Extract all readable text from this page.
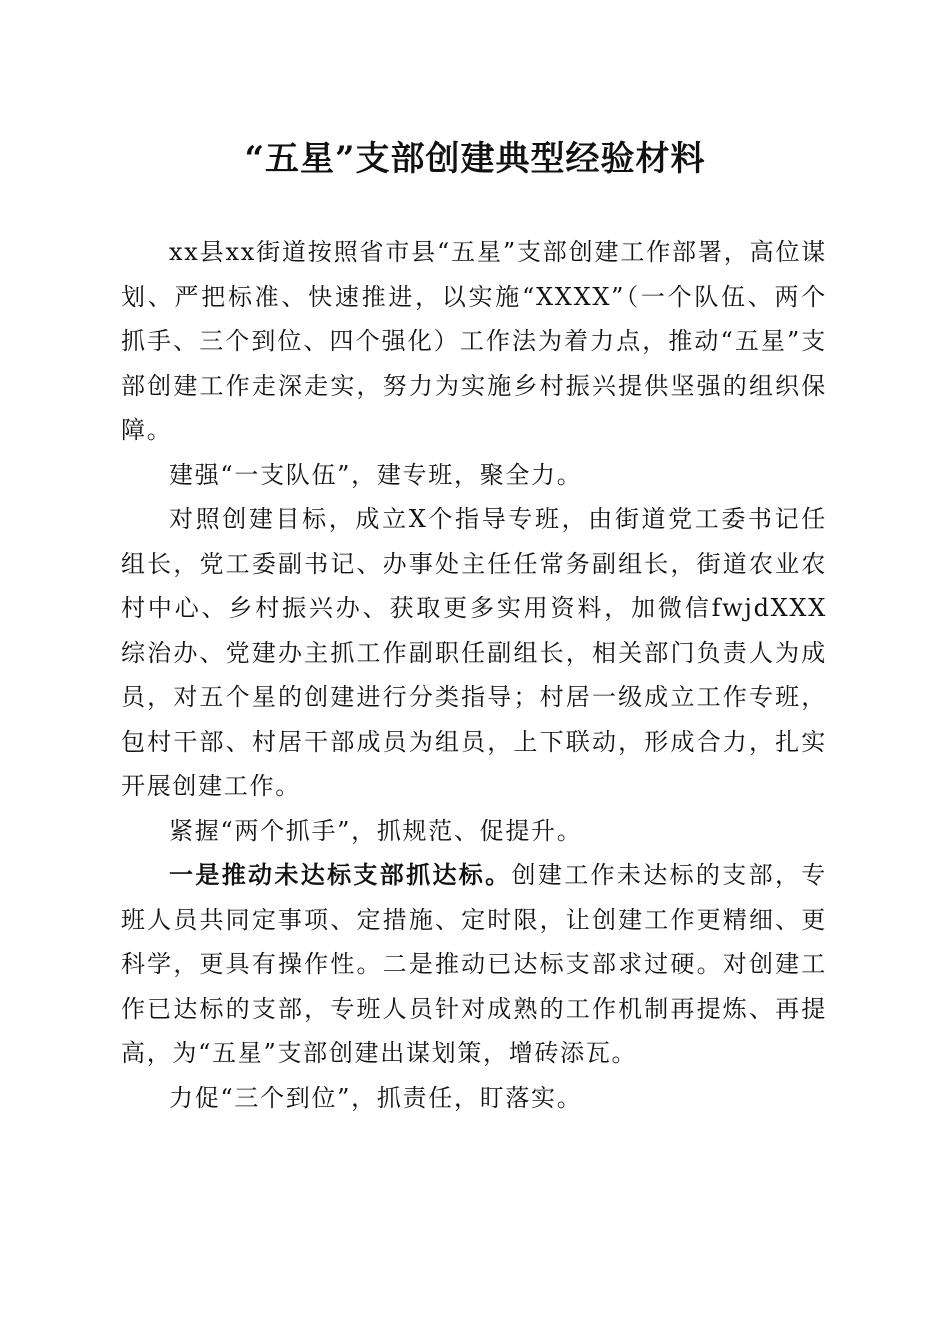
“五星”支部创建典型经验材料

xx县xx街道按照省市县“五星”支部创建工作部署，高位谋划、严把标准、快速推进，以实施“XXXX”（一个队伍、两个抓手、三个到位、四个强化）工作法为着力点，推动“五星”支部创建工作走深走实，努力为实施乡村振兴提供坚强的组织保障。

建强“一支队伍”，建专班，聚全力。

对照创建目标，成立X个指导专班，由街道党工委书记任组长，党工委副书记、办事处主任任常务副组长，街道农业农村中心、乡村振兴办、获取更多实用资料，加微信fwjdXXX综治办、党建办主抓工作副职任副组长，相关部门负责人为成员，对五个星的创建进行分类指导；村居一级成立工作专班，包村干部、村居干部成员为组员，上下联动，形成合力，扎实开展创建工作。

紧握“两个抓手”，抓规范、促提升。

一是推动未达标支部抓达标。创建工作未达标的支部，专班人员共同定事项、定措施、定时限，让创建工作更精细、更科学，更具有操作性。二是推动已达标支部求过硬。对创建工作已达标的支部，专班人员针对成熟的工作机制再提炼、再提高，为“五星”支部创建出谋划策，增砖添瓦。

力促“三个到位”，抓责任，盯落实。
